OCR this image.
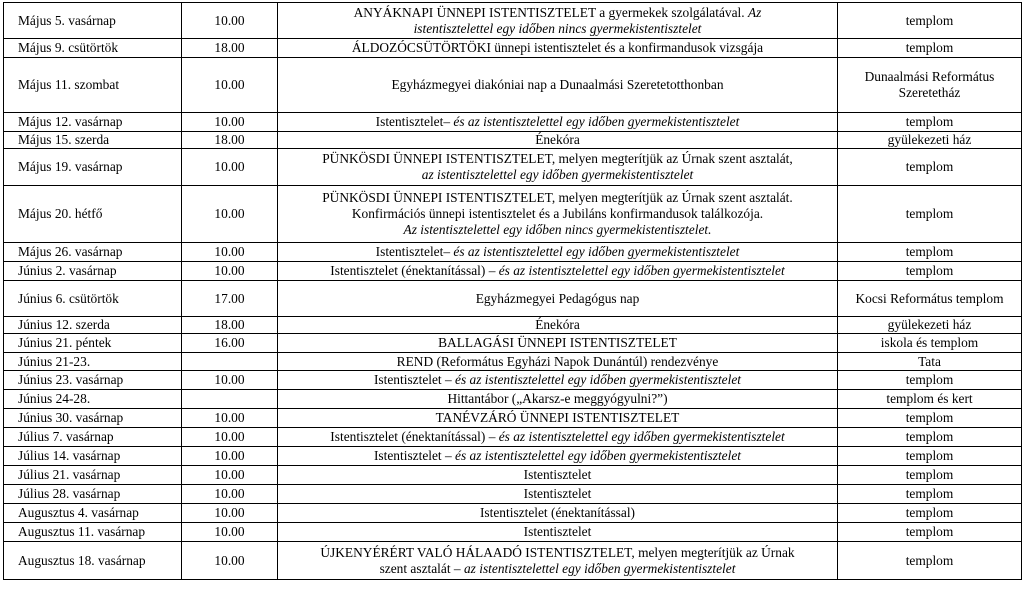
Május 5. vasárnap	10.00	ANYÁKNAPI ÜNNEPI ISTENTISZTELET a gyermekek szolgálatával. Az
istentisztelettel egy időben nincs gyermekistentisztelet	templom
Május 9. csütörtök	18.00	ÁLDOZÓCSÜTÖRTÖKI ünnepi istentisztelet és a konfirmandusok vizsgája	templom
Május 11. szombat	10.00	Egyházmegyei diakóniai nap a Dunaalmási Szeretetotthonban	Dunaalmási Református Szeretetház
Május 12. vasárnap	10.00	Istentisztelet– és az istentisztelettel egy időben gyermekistentisztelet	templom
Május 15. szerda	18.00	Énekóra	gyülekezeti ház
Május 19. vasárnap	10.00	PÜNKÖSDI ÜNNEPI ISTENTISZTELET, melyen megterítjük az Úrnak szent asztalát,
az istentisztelettel egy időben gyermekistentisztelet	templom
Május 20. hétfő	10.00	PÜNKÖSDI ÜNNEPI ISTENTISZTELET, melyen megterítjük az Úrnak szent asztalát.
Konfirmációs ünnepi istentisztelet és a Jubiláns konfirmandusok találkozója.
Az istentisztelettel egy időben nincs gyermekistentisztelet.	templom
Május 26. vasárnap	10.00	Istentisztelet– és az istentisztelettel egy időben gyermekistentisztelet	templom
Június 2. vasárnap	10.00	Istentisztelet (énektanítással) – és az istentisztelettel egy időben gyermekistentisztelet	templom
Június 6. csütörtök	17.00	Egyházmegyei Pedagógus nap	Kocsi Református templom
Június 12. szerda	18.00	Énekóra	gyülekezeti ház
Június 21. péntek	16.00	BALLAGÁSI ÜNNEPI ISTENTISZTELET	iskola és templom
Június 21-23.		REND (Református Egyházi Napok Dunántúl) rendezvénye	Tata
Június 23. vasárnap	10.00	Istentisztelet – és az istentisztelettel egy időben gyermekistentisztelet	templom
Június 24-28.		Hittantábor („Akarsz-e meggyógyulni?”)	templom és kert
Június 30. vasárnap	10.00	TANÉVZÁRÓ ÜNNEPI ISTENTISZTELET	templom
Július 7. vasárnap	10.00	Istentisztelet (énektanítással) – és az istentisztelettel egy időben gyermekistentisztelet	templom
Július 14. vasárnap	10.00	Istentisztelet – és az istentisztelettel egy időben gyermekistentisztelet	templom
Július 21. vasárnap	10.00	Istentisztelet	templom
Július 28. vasárnap	10.00	Istentisztelet	templom
Augusztus 4. vasárnap	10.00	Istentisztelet (énektanítással)	templom
Augusztus 11. vasárnap	10.00	Istentisztelet	templom
Augusztus 18. vasárnap	10.00	ÚJKENYÉRÉRT VALÓ HÁLAADÓ ISTENTISZTELET, melyen megterítjük az Úrnak
szent asztalát – az istentisztelettel egy időben gyermekistentisztelet	templom
